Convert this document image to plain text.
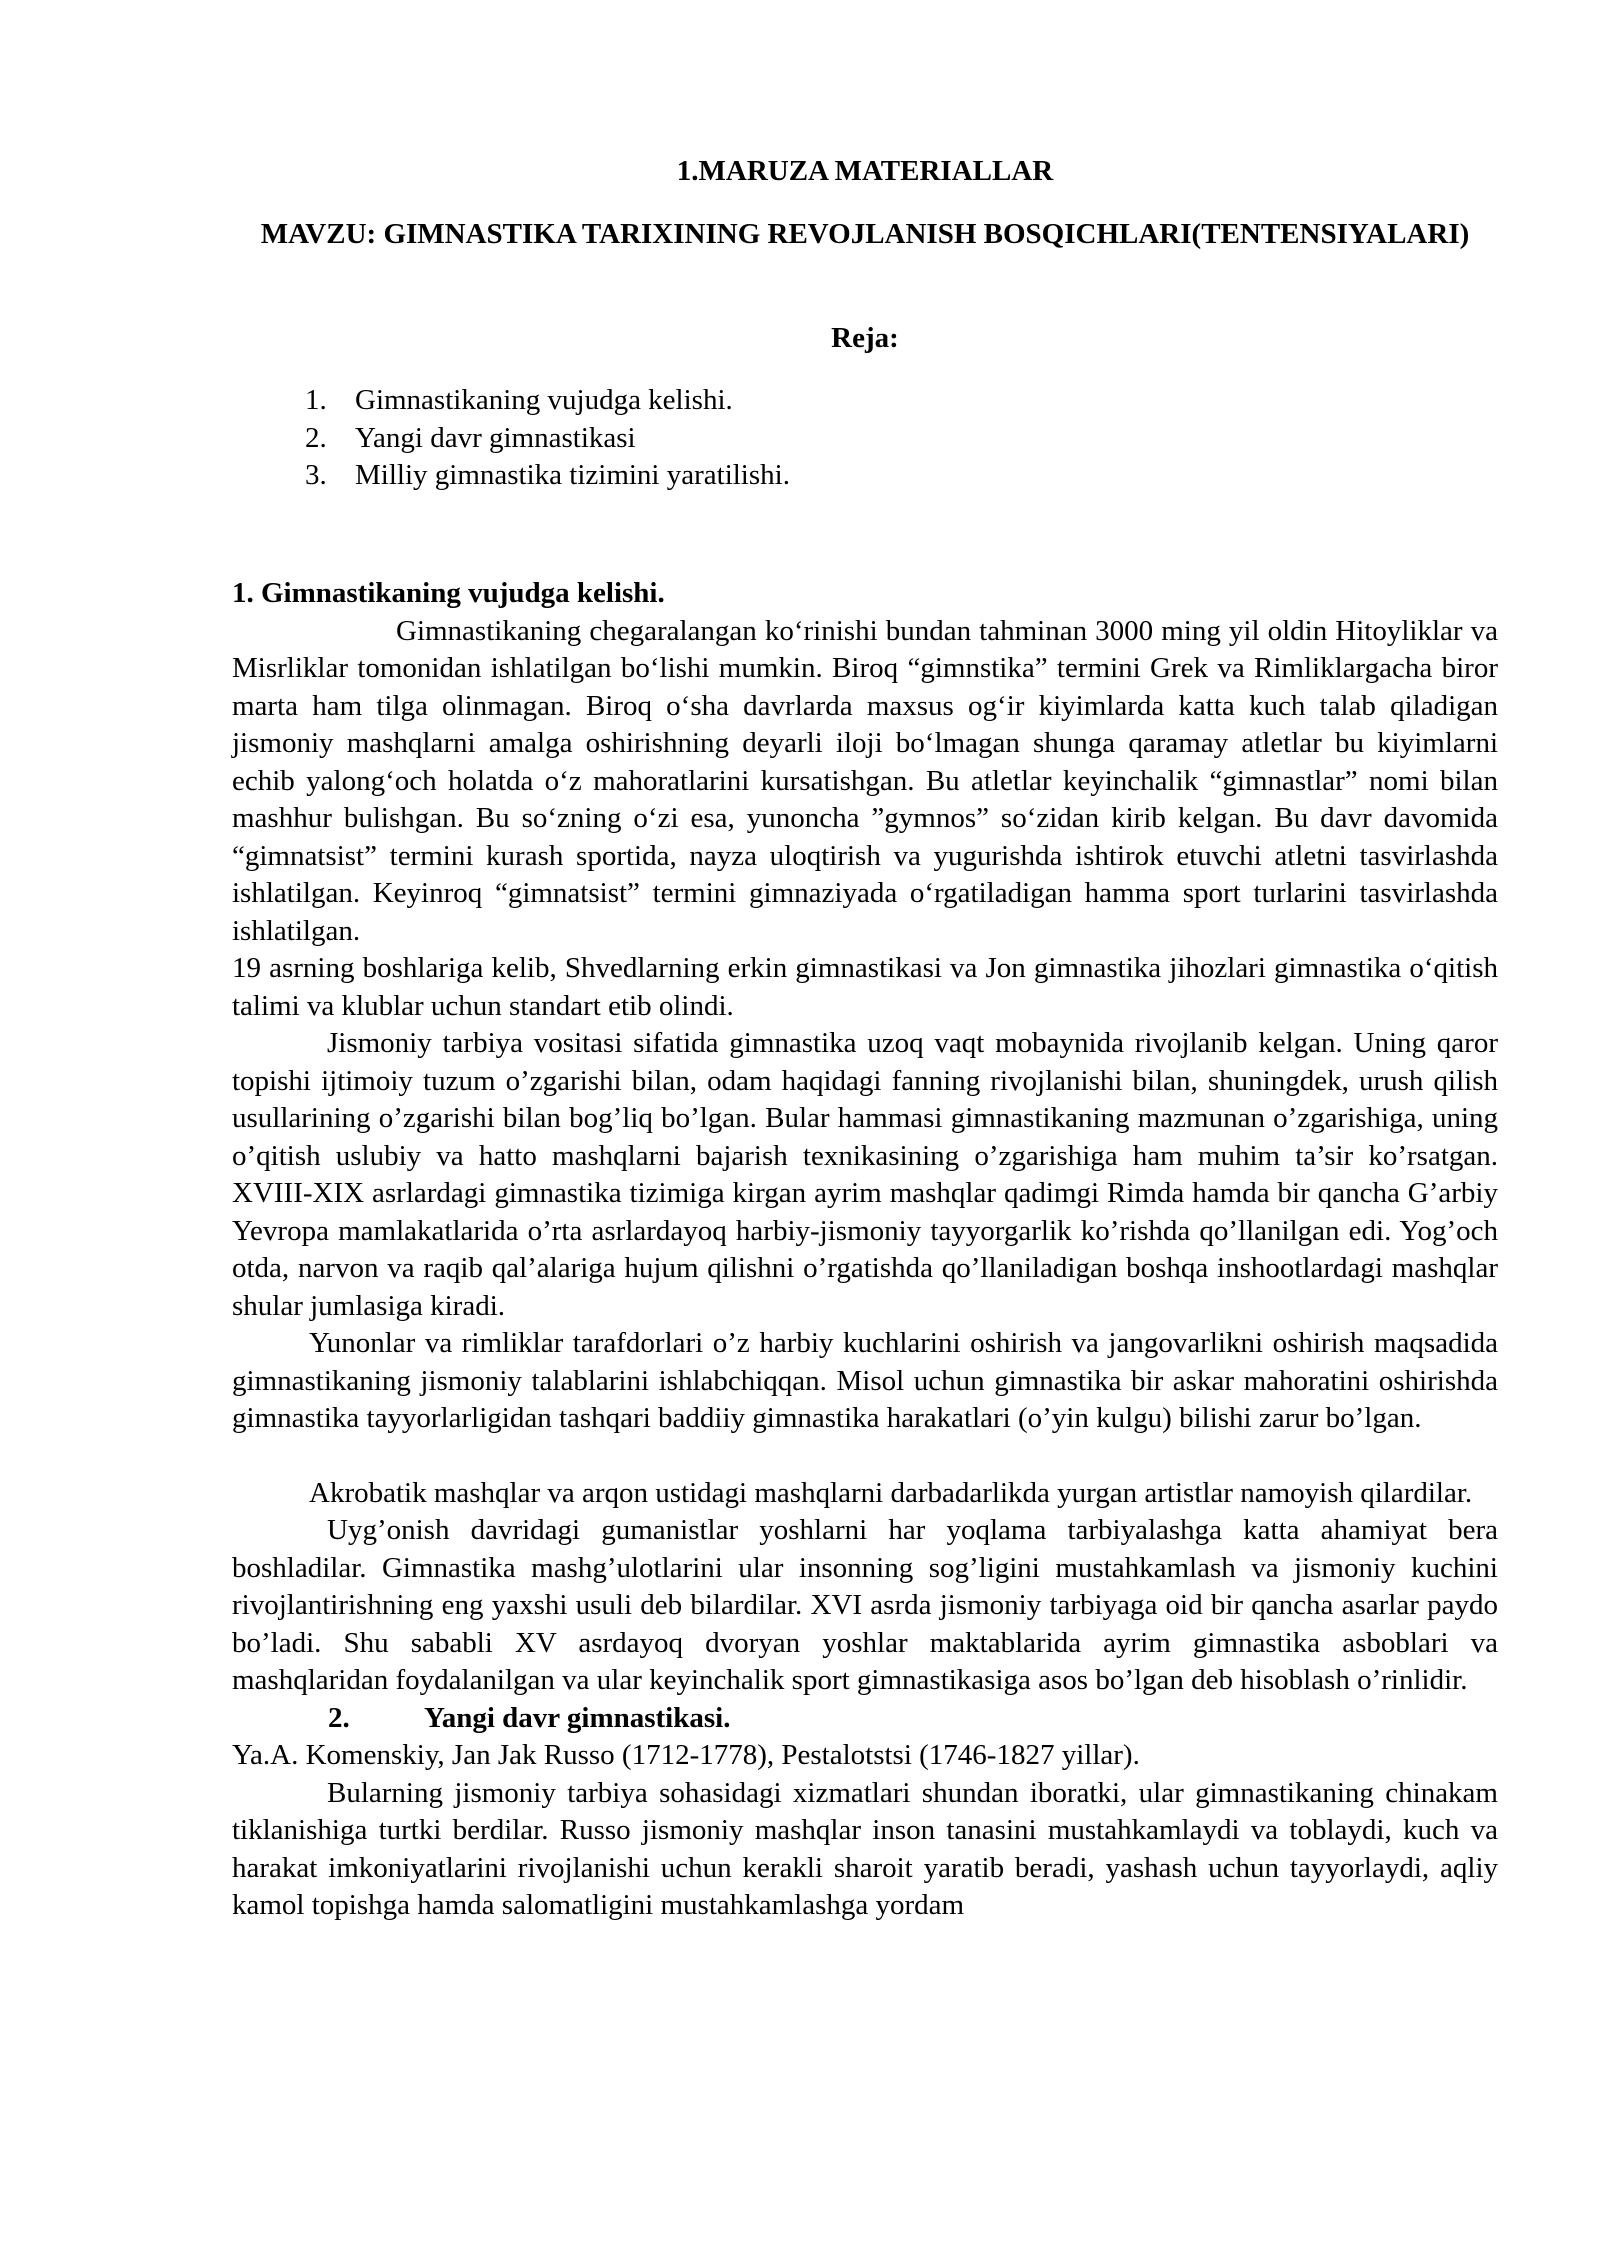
1.MARUZA MATERIALLAR

MAVZU: GIMNASTIKA TARIXINING REVOJLANISH BOSQICHLARI(TENTENSIYALARI)

Reja:

1. Gimnastikaning vujudga kelishi.
2. Yangi davr gimnastikasi
3. Milliy gimnastika tizimini yaratilishi.

1. Gimnastikaning vujudga kelishi.

Gimnastikaning chegaralangan koʻrinishi bundan tahminan 3000 ming yil oldin Hitoyliklar va Misrliklar tomonidan ishlatilgan boʻlishi mumkin. Biroq “gimnstika” termini Grek va Rimliklargacha biror marta ham tilga olinmagan. Biroq oʻsha davrlarda maxsus ogʻir kiyimlarda katta kuch talab qiladigan jismoniy mashqlarni amalga oshirishning deyarli iloji boʻlmagan shunga qaramay atletlar bu kiyimlarni echib yalongʻoch holatda oʻz mahoratlarini kursatishgan. Bu atletlar keyinchalik “gimnastlar” nomi bilan mashhur bulishgan. Bu soʻzning oʻzi esa, yunoncha ”gymnos” soʻzidan kirib kelgan. Bu davr davomida “gimnatsist” termini kurash sportida, nayza uloqtirish va yugurishda ishtirok etuvchi atletni tasvirlashda ishlatilgan. Keyinroq “gimnatsist” termini gimnaziyada oʻrgatiladigan hamma sport turlarini tasvirlashda ishlatilgan.

19 asrning boshlariga kelib, Shvedlarning erkin gimnastikasi va Jon gimnastika jihozlari gimnastika oʻqitish talimi va klublar uchun standart etib olindi.

Jismoniy tarbiya vositasi sifatida gimnastika uzoq vaqt mobaynida rivojlanib kelgan. Uning qaror topishi ijtimoiy tuzum o’zgarishi bilan, odam haqidagi fanning rivojlanishi bilan, shuningdek, urush qilish usullarining o’zgarishi bilan bog’liq bo’lgan. Bular hammasi gimnastikaning mazmunan o’zgarishiga, uning o’qitish uslubiy va hatto mashqlarni bajarish texnikasining o’zgarishiga ham muhim ta’sir ko’rsatgan. XVIII-XIX asrlardagi gimnastika tizimiga kirgan ayrim mashqlar qadimgi Rimda hamda bir qancha G’arbiy Yevropa mamlakatlarida o’rta asrlardayoq harbiy-jismoniy tayyorgarlik ko’rishda qo’llanilgan edi. Yog’och otda, narvon va raqib qal’alariga hujum qilishni o’rgatishda qo’llaniladigan boshqa inshootlardagi mashqlar shular jumlasiga kiradi.

Yunonlar va rimliklar tarafdorlari o’z harbiy kuchlarini oshirish va jangovarlikni oshirish maqsadida gimnastikaning jismoniy talablarini ishlabchiqqan. Misol uchun gimnastika bir askar mahoratini oshirishda gimnastika tayyorlarligidan tashqari baddiiy gimnastika harakatlari (o’yin kulgu) bilishi zarur bo’lgan.

Akrobatik mashqlar va arqon ustidagi mashqlarni darbadarlikda yurgan artistlar namoyish qilardilar.

Uyg’onish davridagi gumanistlar yoshlarni har yoqlama tarbiyalashga katta ahamiyat bera boshladilar. Gimnastika mashg’ulotlarini ular insonning sog’ligini mustahkamlash va jismoniy kuchini rivojlantirishning eng yaxshi usuli deb bilardilar. XVI asrda jismoniy tarbiyaga oid bir qancha asarlar paydo bo’ladi. Shu sababli XV asrdayoq dvoryan yoshlar maktablarida ayrim gimnastika asboblari va mashqlaridan foydalanilgan va ular keyinchalik sport gimnastikasiga asos bo’lgan deb hisoblash o’rinlidir.

2.	Yangi davr gimnastikasi.

Ya.A. Komenskiy, Jan Jak Russo (1712-1778), Pestalotstsi (1746-1827 yillar).

Bularning jismoniy tarbiya sohasidagi xizmatlari shundan iboratki, ular gimnastikaning chinakam tiklanishiga turtki berdilar. Russo jismoniy mashqlar inson tanasini mustahkamlaydi va toblaydi, kuch va harakat imkoniyatlarini rivojlanishi uchun kerakli sharoit yaratib beradi, yashash uchun tayyorlaydi, aqliy kamol topishga hamda salomatligini mustahkamlashga yordam
